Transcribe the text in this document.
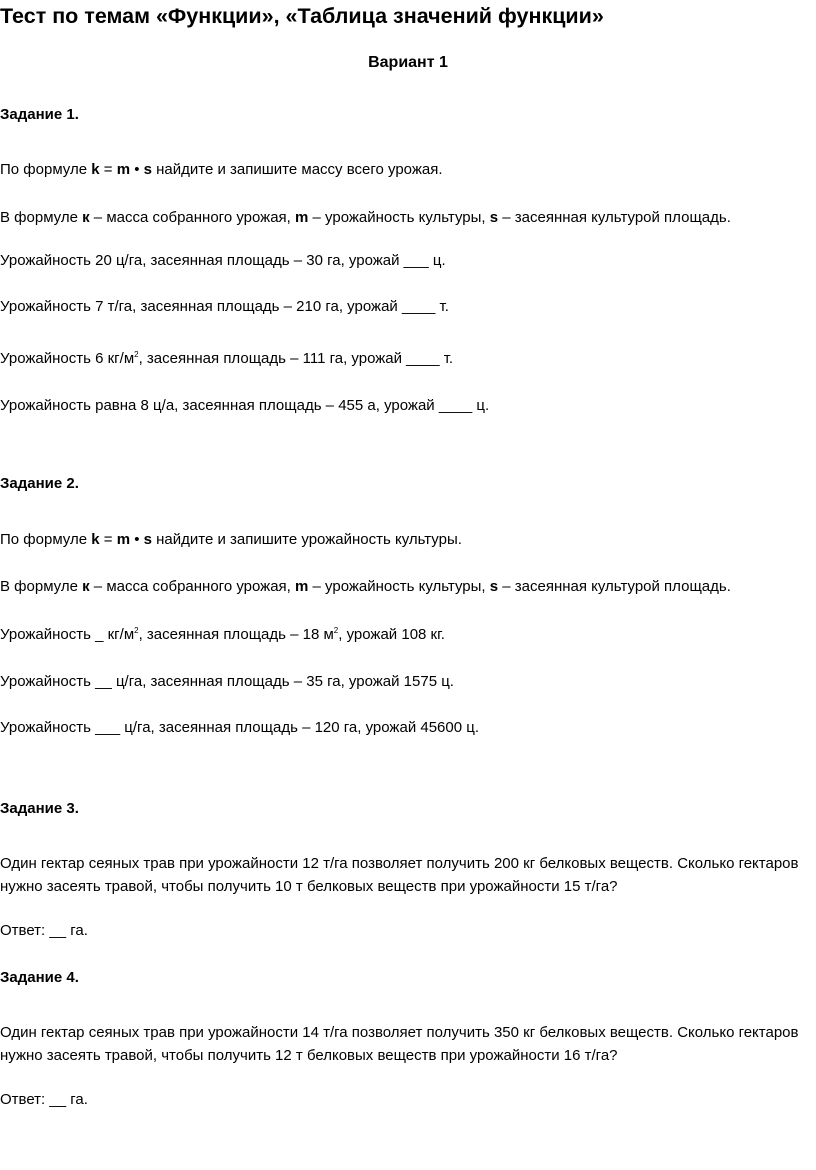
Тест по темам «Функции», «Таблица значений функции»
Вариант 1
Задание 1.
По формуле k = m • s найдите и запишите массу всего урожая.
В формуле к – масса собранного урожая, m – урожайность культуры, s – засеянная культурой площадь.
Урожайность 20 ц/га, засеянная площадь – 30 га, урожай ___ ц.
Урожайность 7 т/га, засеянная площадь – 210 га, урожай ____ т.
Урожайность 6 $кг/м^2$, засеянная площадь – 111 га, урожай ____ т.
Урожайность равна 8 ц/а, засеянная площадь – 455 а, урожай ____ ц.
Задание 2.
По формуле k = m • s найдите и запишите урожайность культуры.
В формуле к – масса собранного урожая, m – урожайность культуры, s – засеянная культурой площадь.
Урожайность _ $кг/м^2$, засеянная площадь – 18 $м^2$, урожай 108 кг.
Урожайность __ ц/га, засеянная площадь – 35 га, урожай 1575 ц.
Урожайность ___ ц/га, засеянная площадь – 120 га, урожай 45600 ц.
Задание 3.
Один гектар сеяных трав при урожайности 12 т/га позволяет получить 200 кг белковых веществ. Сколько гектаров нужно засеять травой, чтобы получить 10 т белковых веществ при урожайности 15 т/га?
Ответ: __ га.
Задание 4.
Один гектар сеяных трав при урожайности 14 т/га позволяет получить 350 кг белковых веществ. Сколько гектаров нужно засеять травой, чтобы получить 12 т белковых веществ при урожайности 16 т/га?
Ответ: __ га.
